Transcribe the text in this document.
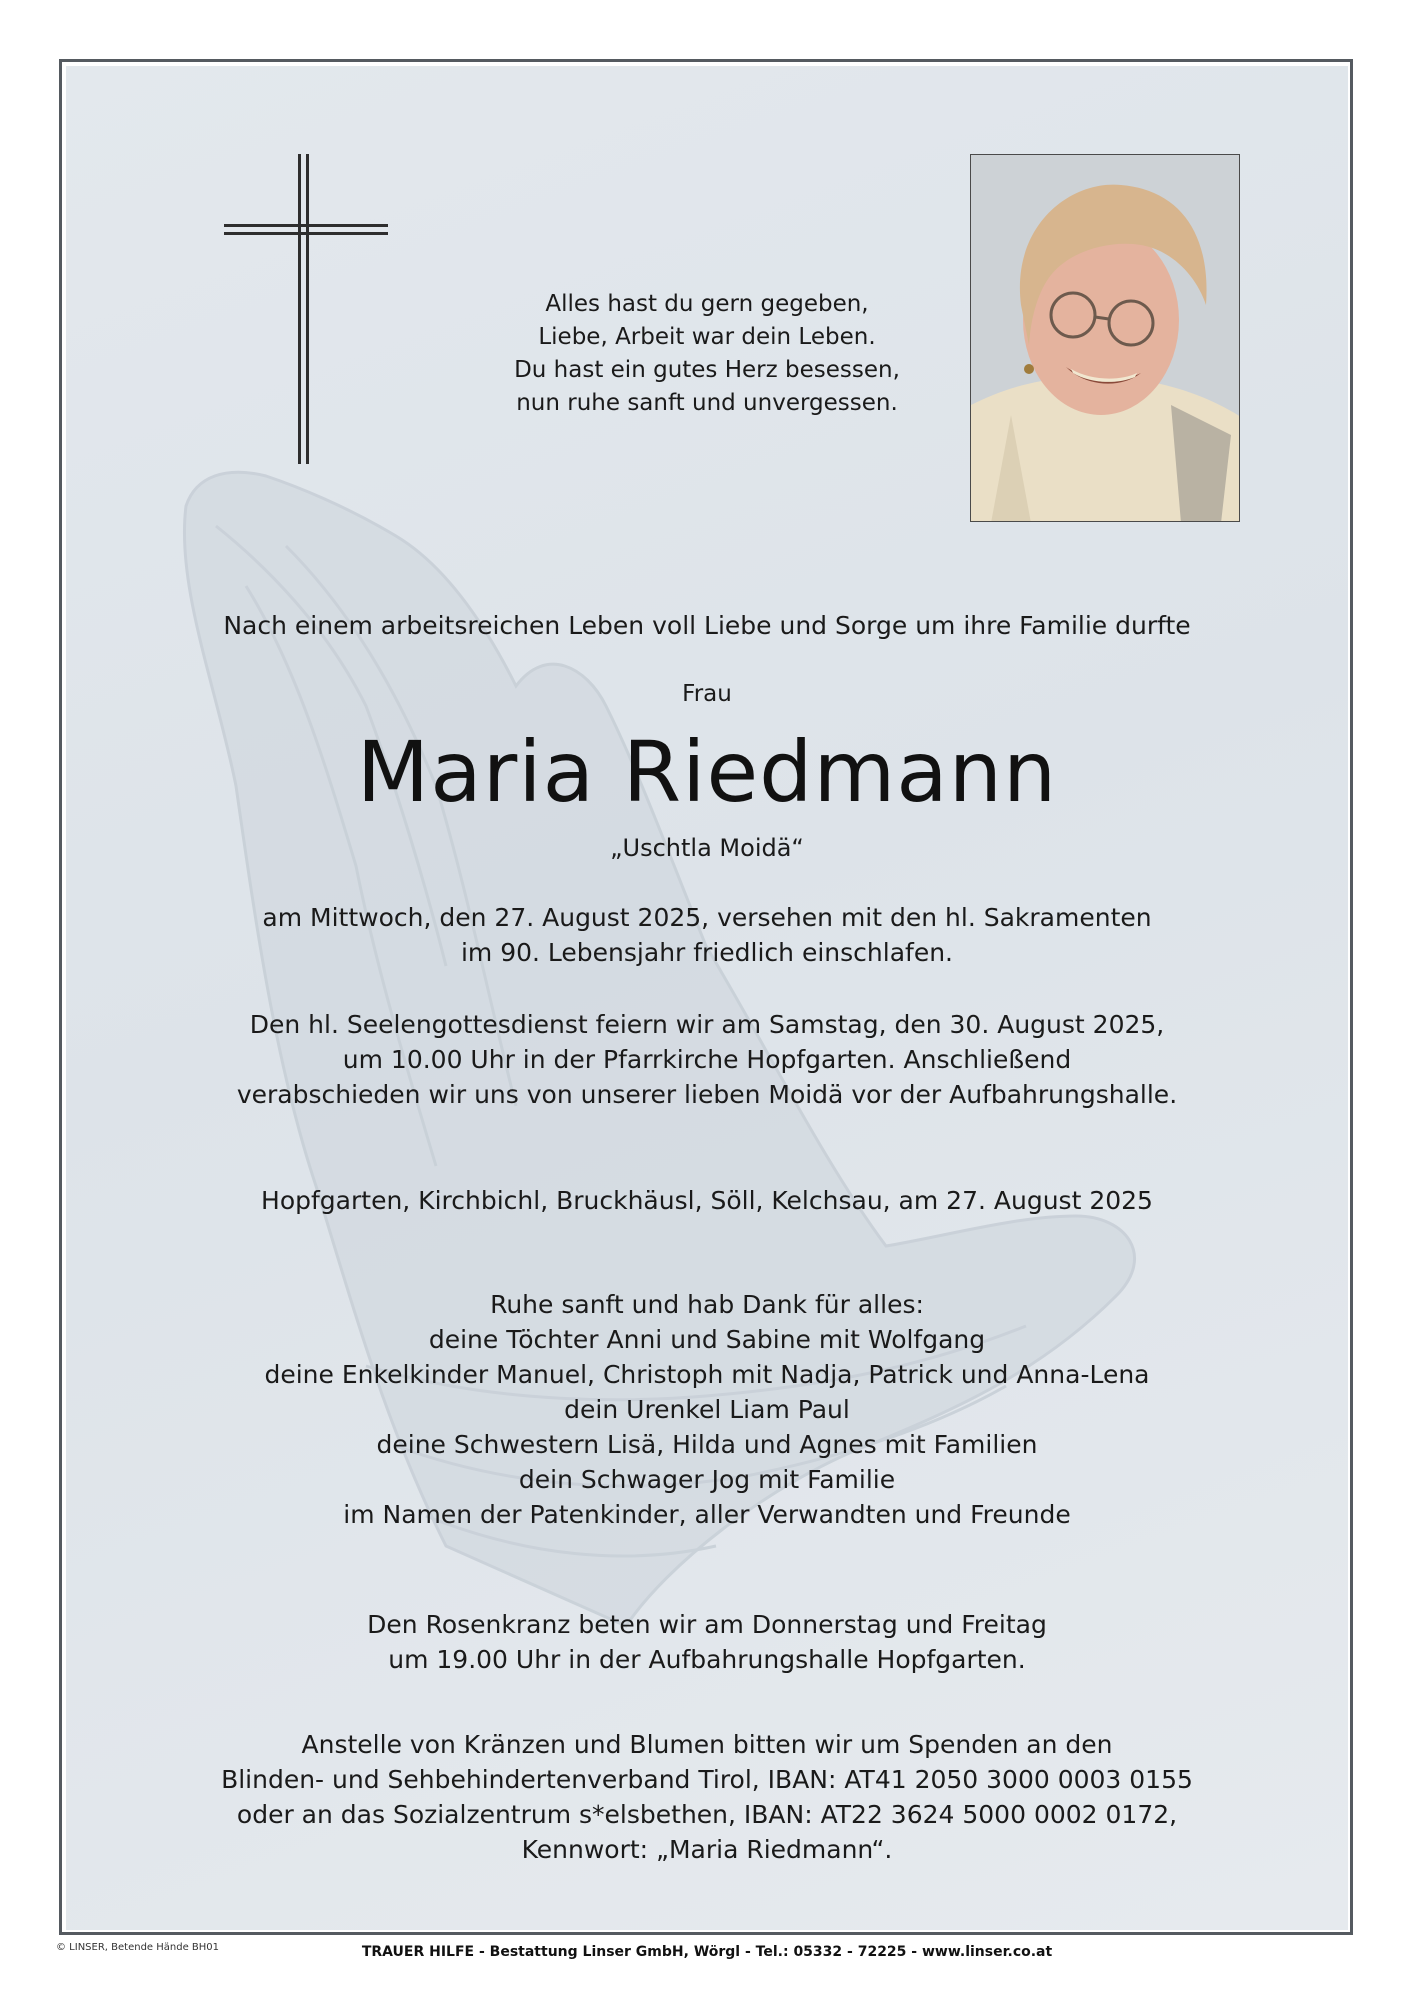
Alles hast du gern gegeben,
Liebe, Arbeit war dein Leben.
Du hast ein gutes Herz besessen,
nun ruhe sanft und unvergessen.
Nach einem arbeitsreichen Leben voll Liebe und Sorge um ihre Familie durfte
Frau
Maria Riedmann
„Uschtla Moidä“
am Mittwoch, den 27. August 2025, versehen mit den hl. Sakramenten
im 90. Lebensjahr friedlich einschlafen.
Den hl. Seelengottesdienst feiern wir am Samstag, den 30. August 2025,
um 10.00 Uhr in der Pfarrkirche Hopfgarten. Anschließend
verabschieden wir uns von unserer lieben Moidä vor der Aufbahrungshalle.
Hopfgarten, Kirchbichl, Bruckhäusl, Söll, Kelchsau, am 27. August 2025
Ruhe sanft und hab Dank für alles:
deine Töchter Anni und Sabine mit Wolfgang
deine Enkelkinder Manuel, Christoph mit Nadja, Patrick und Anna-Lena
dein Urenkel Liam Paul
deine Schwestern Lisä, Hilda und Agnes mit Familien
dein Schwager Jog mit Familie
im Namen der Patenkinder, aller Verwandten und Freunde
Den Rosenkranz beten wir am Donnerstag und Freitag
um 19.00 Uhr in der Aufbahrungshalle Hopfgarten.
Anstelle von Kränzen und Blumen bitten wir um Spenden an den
Blinden- und Sehbehindertenverband Tirol, IBAN: AT41 2050 3000 0003 0155
oder an das Sozialzentrum s*elsbethen, IBAN: AT22 3624 5000 0002 0172,
Kennwort: „Maria Riedmann“.
© LINSER, Betende Hände BH01	TRAUER HILFE - Bestattung Linser GmbH, Wörgl - Tel.: 05332 - 72225 - www.linser.co.at
